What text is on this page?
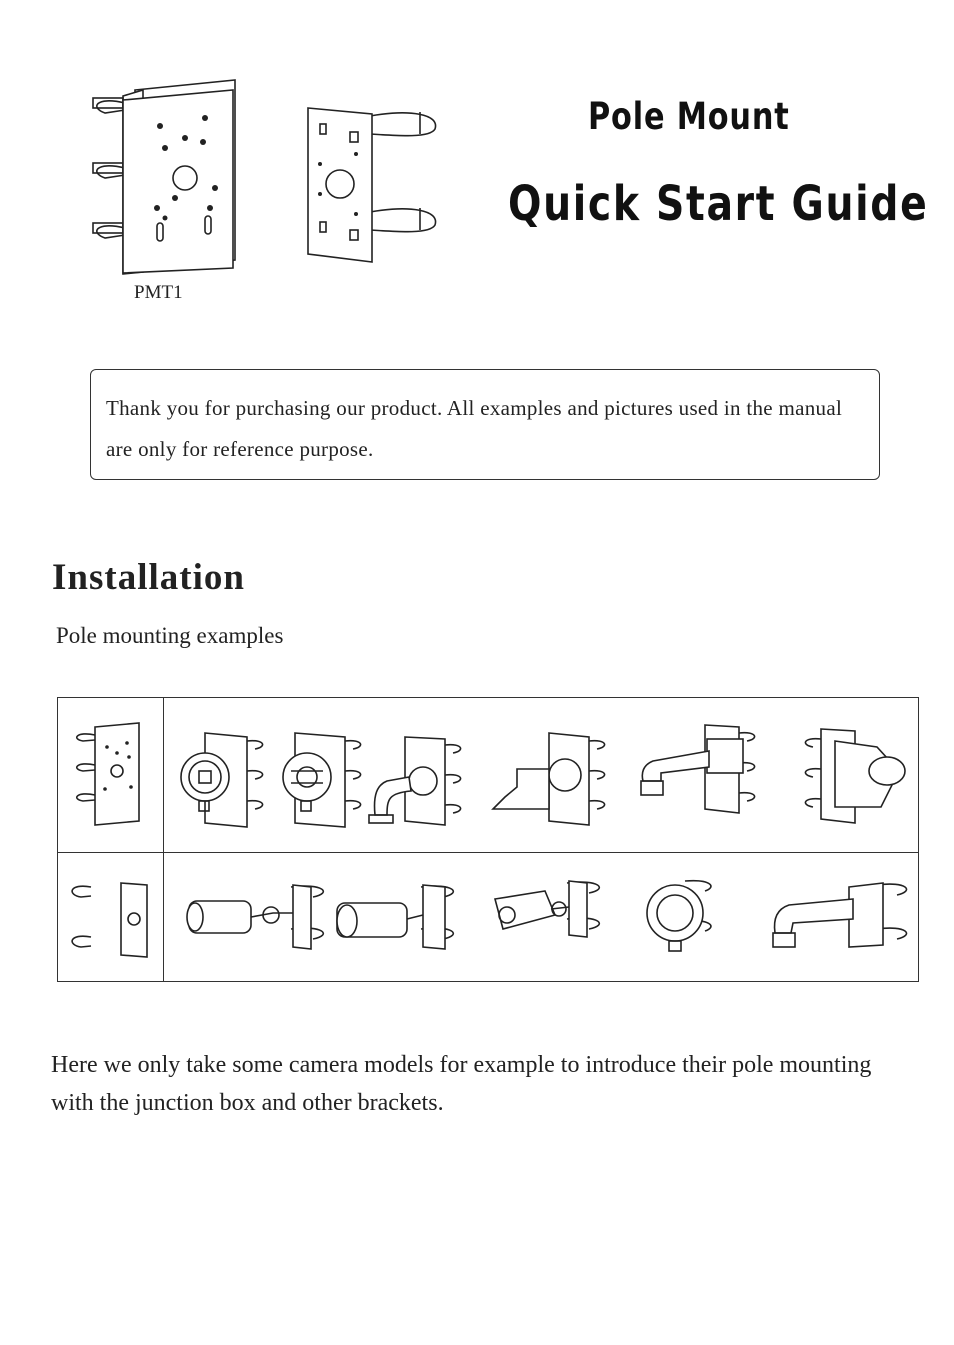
Pole Mount
Quick Start Guide
PMT1
Thank you for purchasing our product. All examples and pictures used in the manual are only for reference purpose.
Installation
Pole mounting examples
Here we only take some camera models for example to introduce their pole mounting with the junction box and other brackets.
